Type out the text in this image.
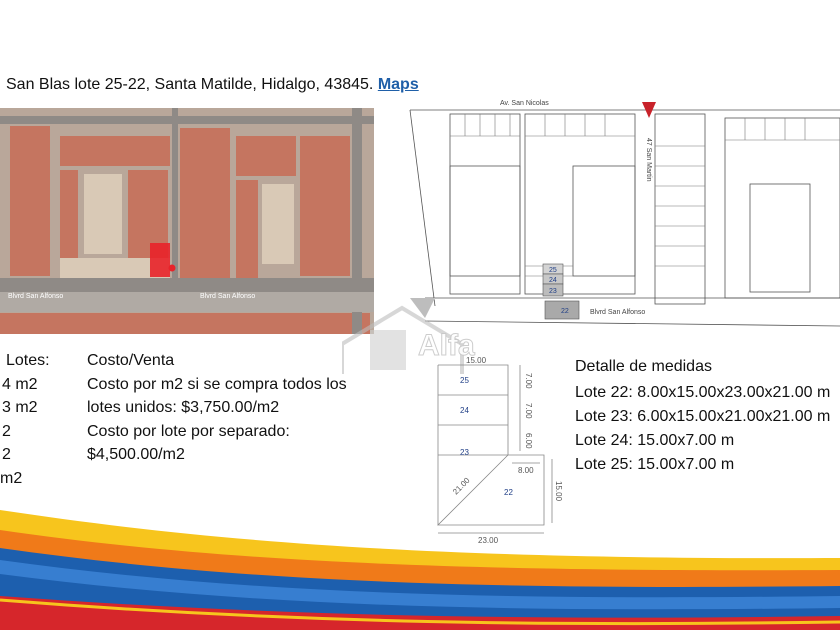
San Blas lote 25-22, Santa Matilde, Hidalgo, 43845. Maps
Blvrd San Alfonso	Blvrd San Alfonso
25
24
23
22
Av. San Nicolas
47 San Martin
Blvrd San Alfonso
Alfa
Lotes:
4 m2
3 m2
2
2
m2
Costo/Venta
Costo por m2 si se compra todos los
lotes unidos: $3,750.00/m2
Costo por lote por separado:
$4,500.00/m2
15.00
25
24
23
22
7.00
7.00
6.00
8.00
15.00
21.00
23.00
Detalle de medidas
Lote 22: 8.00x15.00x23.00x21.00 m
Lote 23: 6.00x15.00x21.00x21.00 m
Lote 24: 15.00x7.00 m
Lote 25: 15.00x7.00 m
